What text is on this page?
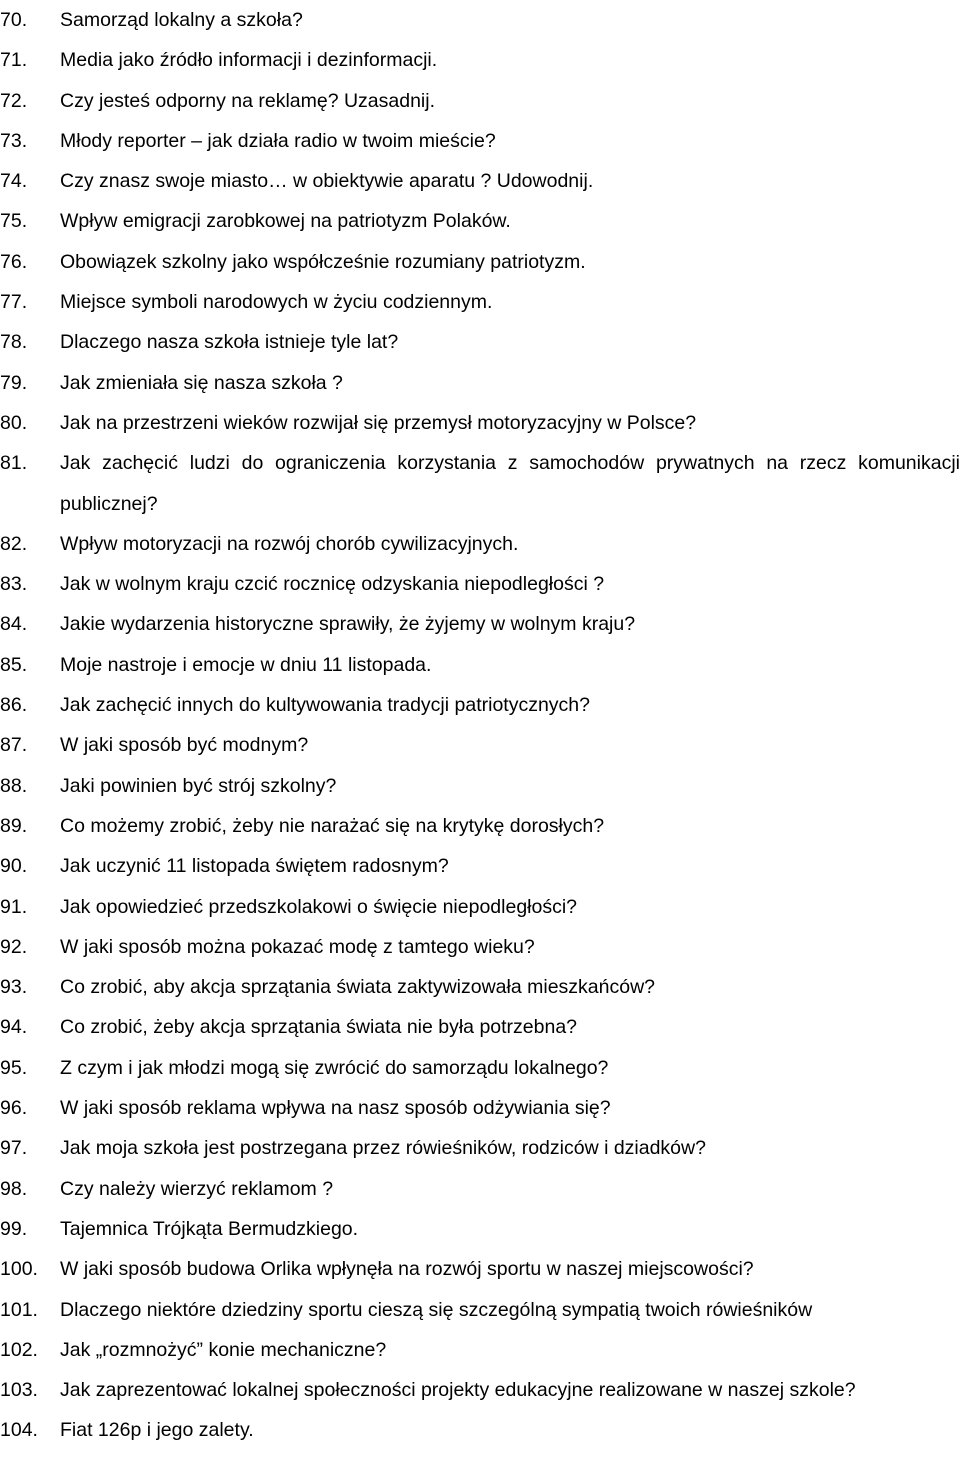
70.	Samorząd lokalny a szkoła?
71.	Media jako źródło informacji i dezinformacji.
72.	Czy jesteś odporny na reklamę? Uzasadnij.
73.	Młody reporter – jak działa radio w twoim mieście?
74.	Czy znasz swoje miasto… w obiektywie aparatu ? Udowodnij.
75.	Wpływ emigracji zarobkowej na patriotyzm Polaków.
76.	Obowiązek szkolny jako współcześnie rozumiany patriotyzm.
77.	Miejsce symboli narodowych w życiu codziennym.
78.	Dlaczego nasza szkoła istnieje tyle lat?
79.	Jak zmieniała się nasza szkoła ?
80.	Jak na przestrzeni wieków rozwijał się przemysł motoryzacyjny w Polsce?
81.	Jak zachęcić ludzi do ograniczenia korzystania z samochodów prywatnych na rzecz komunikacji publicznej?
82.	Wpływ motoryzacji na rozwój chorób cywilizacyjnych.
83.	Jak w wolnym kraju czcić rocznicę odzyskania niepodległości ?
84.	Jakie wydarzenia historyczne sprawiły, że żyjemy w wolnym kraju?
85.	Moje nastroje i emocje w dniu 11 listopada.
86.	Jak zachęcić innych do kultywowania tradycji patriotycznych?
87.	W jaki sposób być modnym?
88.	Jaki powinien być strój szkolny?
89.	Co możemy zrobić, żeby nie narażać się na krytykę dorosłych?
90.	Jak uczynić 11 listopada świętem radosnym?
91.	Jak opowiedzieć przedszkolakowi o święcie niepodległości?
92.	W jaki sposób można pokazać modę z tamtego wieku?
93.	Co zrobić, aby akcja sprzątania świata zaktywizowała mieszkańców?
94.	Co zrobić, żeby akcja sprzątania świata nie była potrzebna?
95.	Z czym i jak młodzi mogą się zwrócić do samorządu lokalnego?
96.	W jaki sposób reklama wpływa na nasz sposób odżywiania się?
97.	Jak moja szkoła jest postrzegana przez rówieśników, rodziców i dziadków?
98.	Czy należy wierzyć reklamom ?
99.	Tajemnica Trójkąta Bermudzkiego.
100.	W jaki sposób budowa Orlika wpłynęła na rozwój sportu w naszej miejscowości?
101.	Dlaczego niektóre dziedziny sportu cieszą się szczególną sympatią twoich rówieśników
102.	Jak „rozmnożyć” konie mechaniczne?
103.	Jak zaprezentować lokalnej społeczności projekty edukacyjne realizowane w naszej szkole?
104.	Fiat 126p i jego zalety.
